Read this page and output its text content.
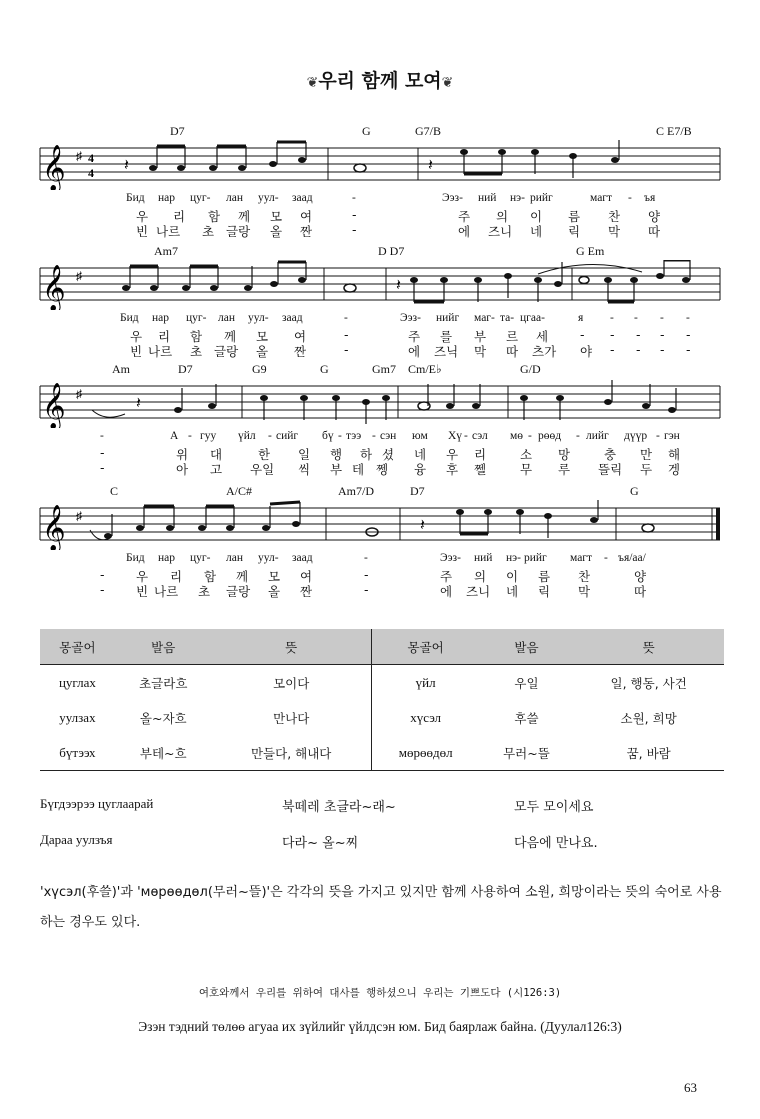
❦우리 함께 모여❦
D7	G	G7/B	C E7/B
𝄞 ♯ 4
4 𝄽	𝄽
Бид нар цуг- лан уул- заад	-	Ээз- ний нэ- рийг	магт - ъя
우 리 함 께 모 여	-	주 의 이 름 찬 양
빈 나르 초 글랑 올 짠	-	에 즈니 네 릭 막 따
Am7	D D7	G Em
𝄞 ♯
𝄽
Бид нар цуг- лан уул- заад	-	Ээз- нийг маг- та- цгаа-	я - - - -
우 리 함 께 모 여	-	주 를 부 르 세	- - - - -
빈 나르 초 글랑 올 짠	-	에 즈닉 막 따 츠가 야 - - - -
Am	D7	G9	G	Gm7 Cm/E♭	G/D
𝄞 ♯
𝄽
-	А - гуу үйл - сийг бү - тээ - сэн юм Хү - сэл мө - рөөд - лийг дүүр - гэн
-	위 대	한 일 행 하 셨 네 우 리	소 망	충 만 해
-	아 고 우일 씩 부 테 쩽 융 후 쩰	무 루 뜰릭 두 겡
C	A/C#	Am7/D	D7	G
𝄞 ♯
𝄽
Бид нар цуг- лан уул- заад	-	Ээз- ний нэ- рийг магт - ъя/аа/
-	우 리 함 께 모 여	-	주 의 이 름 찬	양
-	빈 나르 초 글랑 올 짠	-	에 즈니 네 릭 막	따
몽골어	발음	뜻	몽골어	발음	뜻
цуглах	초글라흐	모이다	үйл	우일	일, 행동, 사건
уулзах	올~자흐	만나다	хүсэл	후쓸	소원, 희망
бүтээх	부테~흐	만들다, 해내다	мөрөөдөл	무러~뜰	꿈, 바람
Бүгдээрээ цуглаарай	북떼레 초글라~래~	모두 모이세요
Дараа уулзъя	다라~ 올~찌	다음에 만나요.
'хүсэл(후쓸)'과 'мөрөөдөл(무러~뜰)'은 각각의 뜻을 가지고 있지만 함께 사용하여 소원, 희망이라는 뜻의 숙어로 사용하는 경우도 있다.
여호와께서 우리를 위하여 대사를 행하셨으니 우리는 기쁘도다 (시126:3)
Эзэн тэдний төлөө агуаа их зүйлийг үйлдсэн юм. Бид баярлаж байна. (Дуулал126:3)
63
